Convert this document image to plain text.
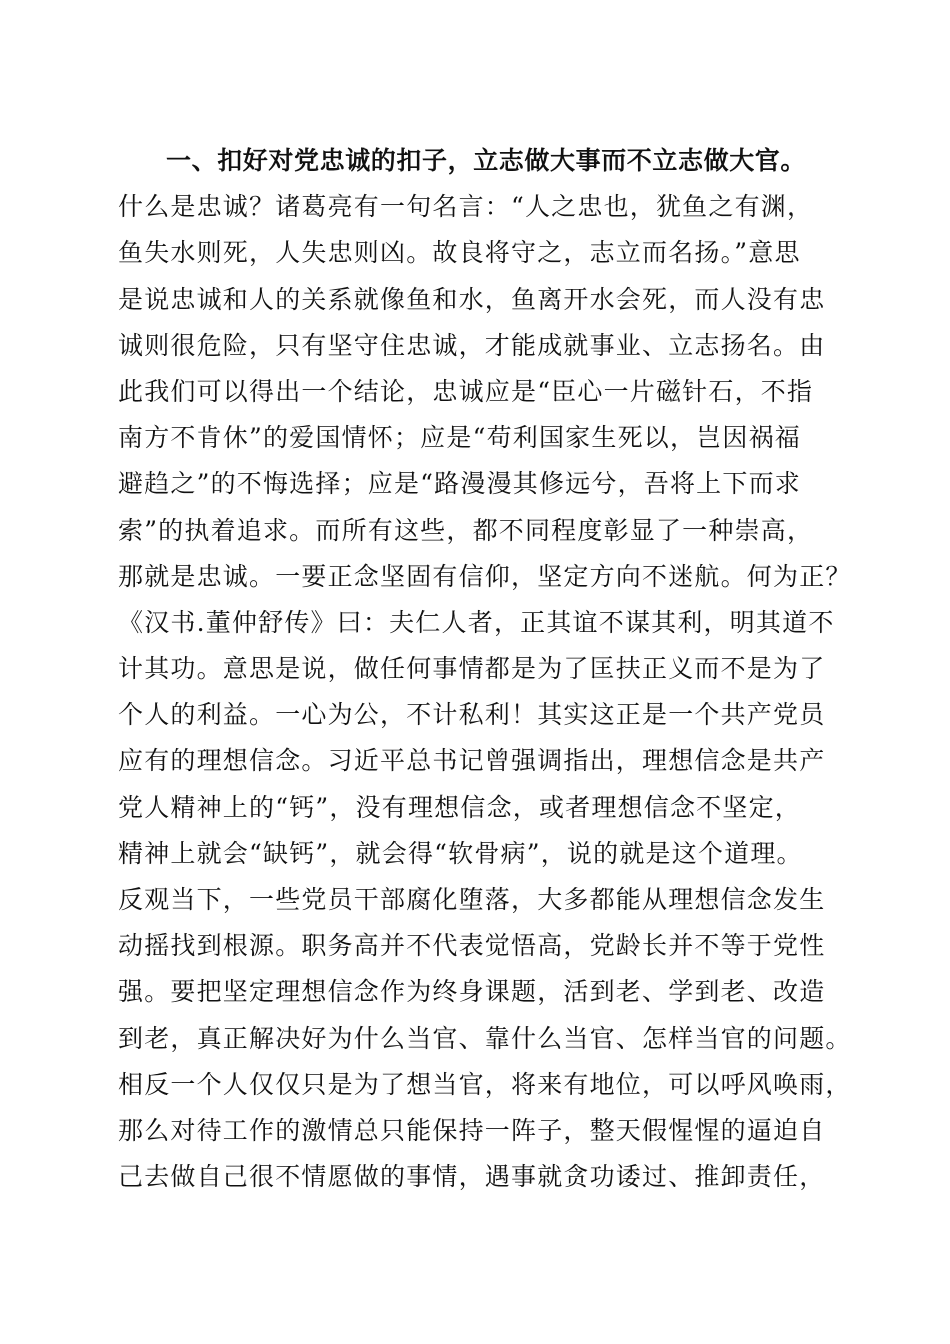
一、扣好对党忠诚的扣子，立志做大事而不立志做大官。
什么是忠诚？诸葛亮有一句名言：“人之忠也，犹鱼之有渊，
鱼失水则死，人失忠则凶。故良将守之，志立而名扬。”意思
是说忠诚和人的关系就像鱼和水，鱼离开水会死，而人没有忠
诚则很危险，只有坚守住忠诚，才能成就事业、立志扬名。由
此我们可以得出一个结论，忠诚应是“臣心一片磁针石，不指
南方不肯休”的爱国情怀；应是“苟利国家生死以，岂因祸福
避趋之”的不悔选择；应是“路漫漫其修远兮，吾将上下而求
索”的执着追求。而所有这些，都不同程度彰显了一种崇高，
那就是忠诚。一要正念坚固有信仰，坚定方向不迷航。何为正？
《汉书.董仲舒传》曰：夫仁人者，正其谊不谋其利，明其道不
计其功。意思是说，做任何事情都是为了匡扶正义而不是为了
个人的利益。一心为公，不计私利！其实这正是一个共产党员
应有的理想信念。习近平总书记曾强调指出，理想信念是共产
党人精神上的“钙”，没有理想信念，或者理想信念不坚定，
精神上就会“缺钙”，就会得“软骨病”，说的就是这个道理。
反观当下，一些党员干部腐化堕落，大多都能从理想信念发生
动摇找到根源。职务高并不代表觉悟高，党龄长并不等于党性
强。要把坚定理想信念作为终身课题，活到老、学到老、改造
到老，真正解决好为什么当官、靠什么当官、怎样当官的问题。
相反一个人仅仅只是为了想当官，将来有地位，可以呼风唤雨，
那么对待工作的激情总只能保持一阵子，整天假惺惺的逼迫自
己去做自己很不情愿做的事情，遇事就贪功诿过、推卸责任，
